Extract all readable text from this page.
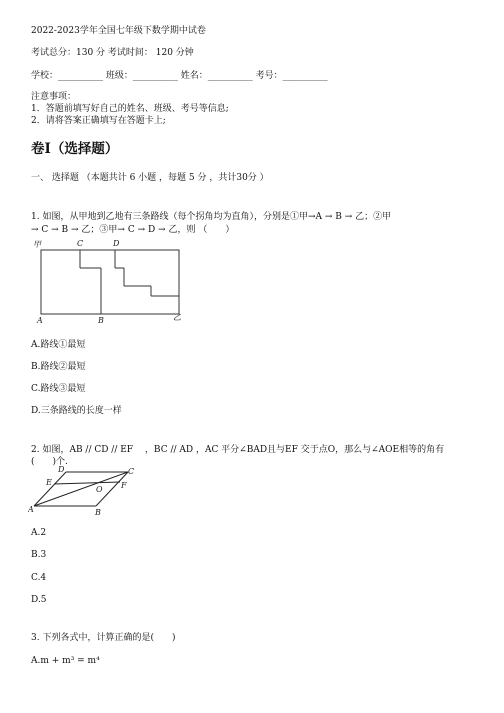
2022-2023学年全国七年级下数学期中试卷
考试总分：130 分 考试时间： 120 分钟
学校：__________ 班级：__________ 姓名：__________ 考号：__________
注意事项：
1．答题前填写好自己的姓名、班级、考号等信息;
2．请将答案正确填写在答题卡上;
卷I（选择题）
一、 选择题 （本题共计 6 小题 ，每题 5 分 ，共计30分 ）
1. 如图，从甲地到乙地有三条路线（每个拐角均为直角），分别是①甲→A → B → 乙；②甲
→ C → B → 乙；③甲→ C → D → 乙，则 （　　）
甲	C	D
A	B	乙
A.路线①最短
B.路线②最短
C.路线③最短
D.三条路线的长度一样
2. 如图，AB // CD // EF　 ，BC // AD ，AC 平分∠BAD且与EF 交于点O，那么与∠AOE相等的角有
(　　)个.
D	C
E	F
O
A	B
A.2
B.3
C.4
D.5
3. 下列各式中，计算正确的是(　　)
A.m + m³ = m⁴
